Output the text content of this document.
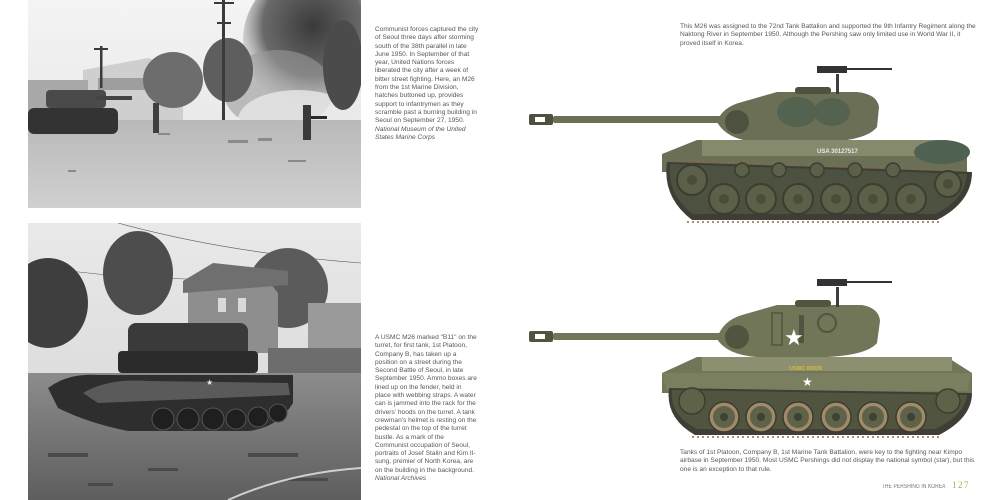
Communist forces captured the city of Seoul three days after storming south of the 38th parallel in late June 1950. In September of that year, United Nations forces liberated the city after a week of bitter street fighting. Here, an M26 from the 1st Marine Division, hatches buttoned up, provides support to infantrymen as they scramble past a burning building in Seoul on September 27, 1950. National Museum of the United States Marine Corps

★

A USMC M26 marked "B11" on the turret, for first tank, 1st Platoon, Company B, has taken up a position on a street during the Second Battle of Seoul, in late September 1950. Ammo boxes are lined up on the fender, held in place with webbing straps. A water can is jammed into the rack for the drivers' hoods on the turret. A tank crewman's helmet is resting on the pedestal on the top of the turret bustle. As a mark of the Communist occupation of Seoul, portraits of Josef Stalin and Kim Il-sung, premier of North Korea, are on the building in the background. National Archives

This M26 was assigned to the 72nd Tank Battalion and supported the 9th Infantry Regiment along the Naktong River in September 1950. Although the Pershing saw only limited use in World War II, it proved itself in Korea.

USA 30127517
★
USMC 85939
★

Tanks of 1st Platoon, Company B, 1st Marine Tank Battalion, were key to the fighting near Kimpo airbase in September 1950. Most USMC Pershings did not display the national symbol (star), but this one is an exception to that rule.

THE PERSHING IN KOREA 127
